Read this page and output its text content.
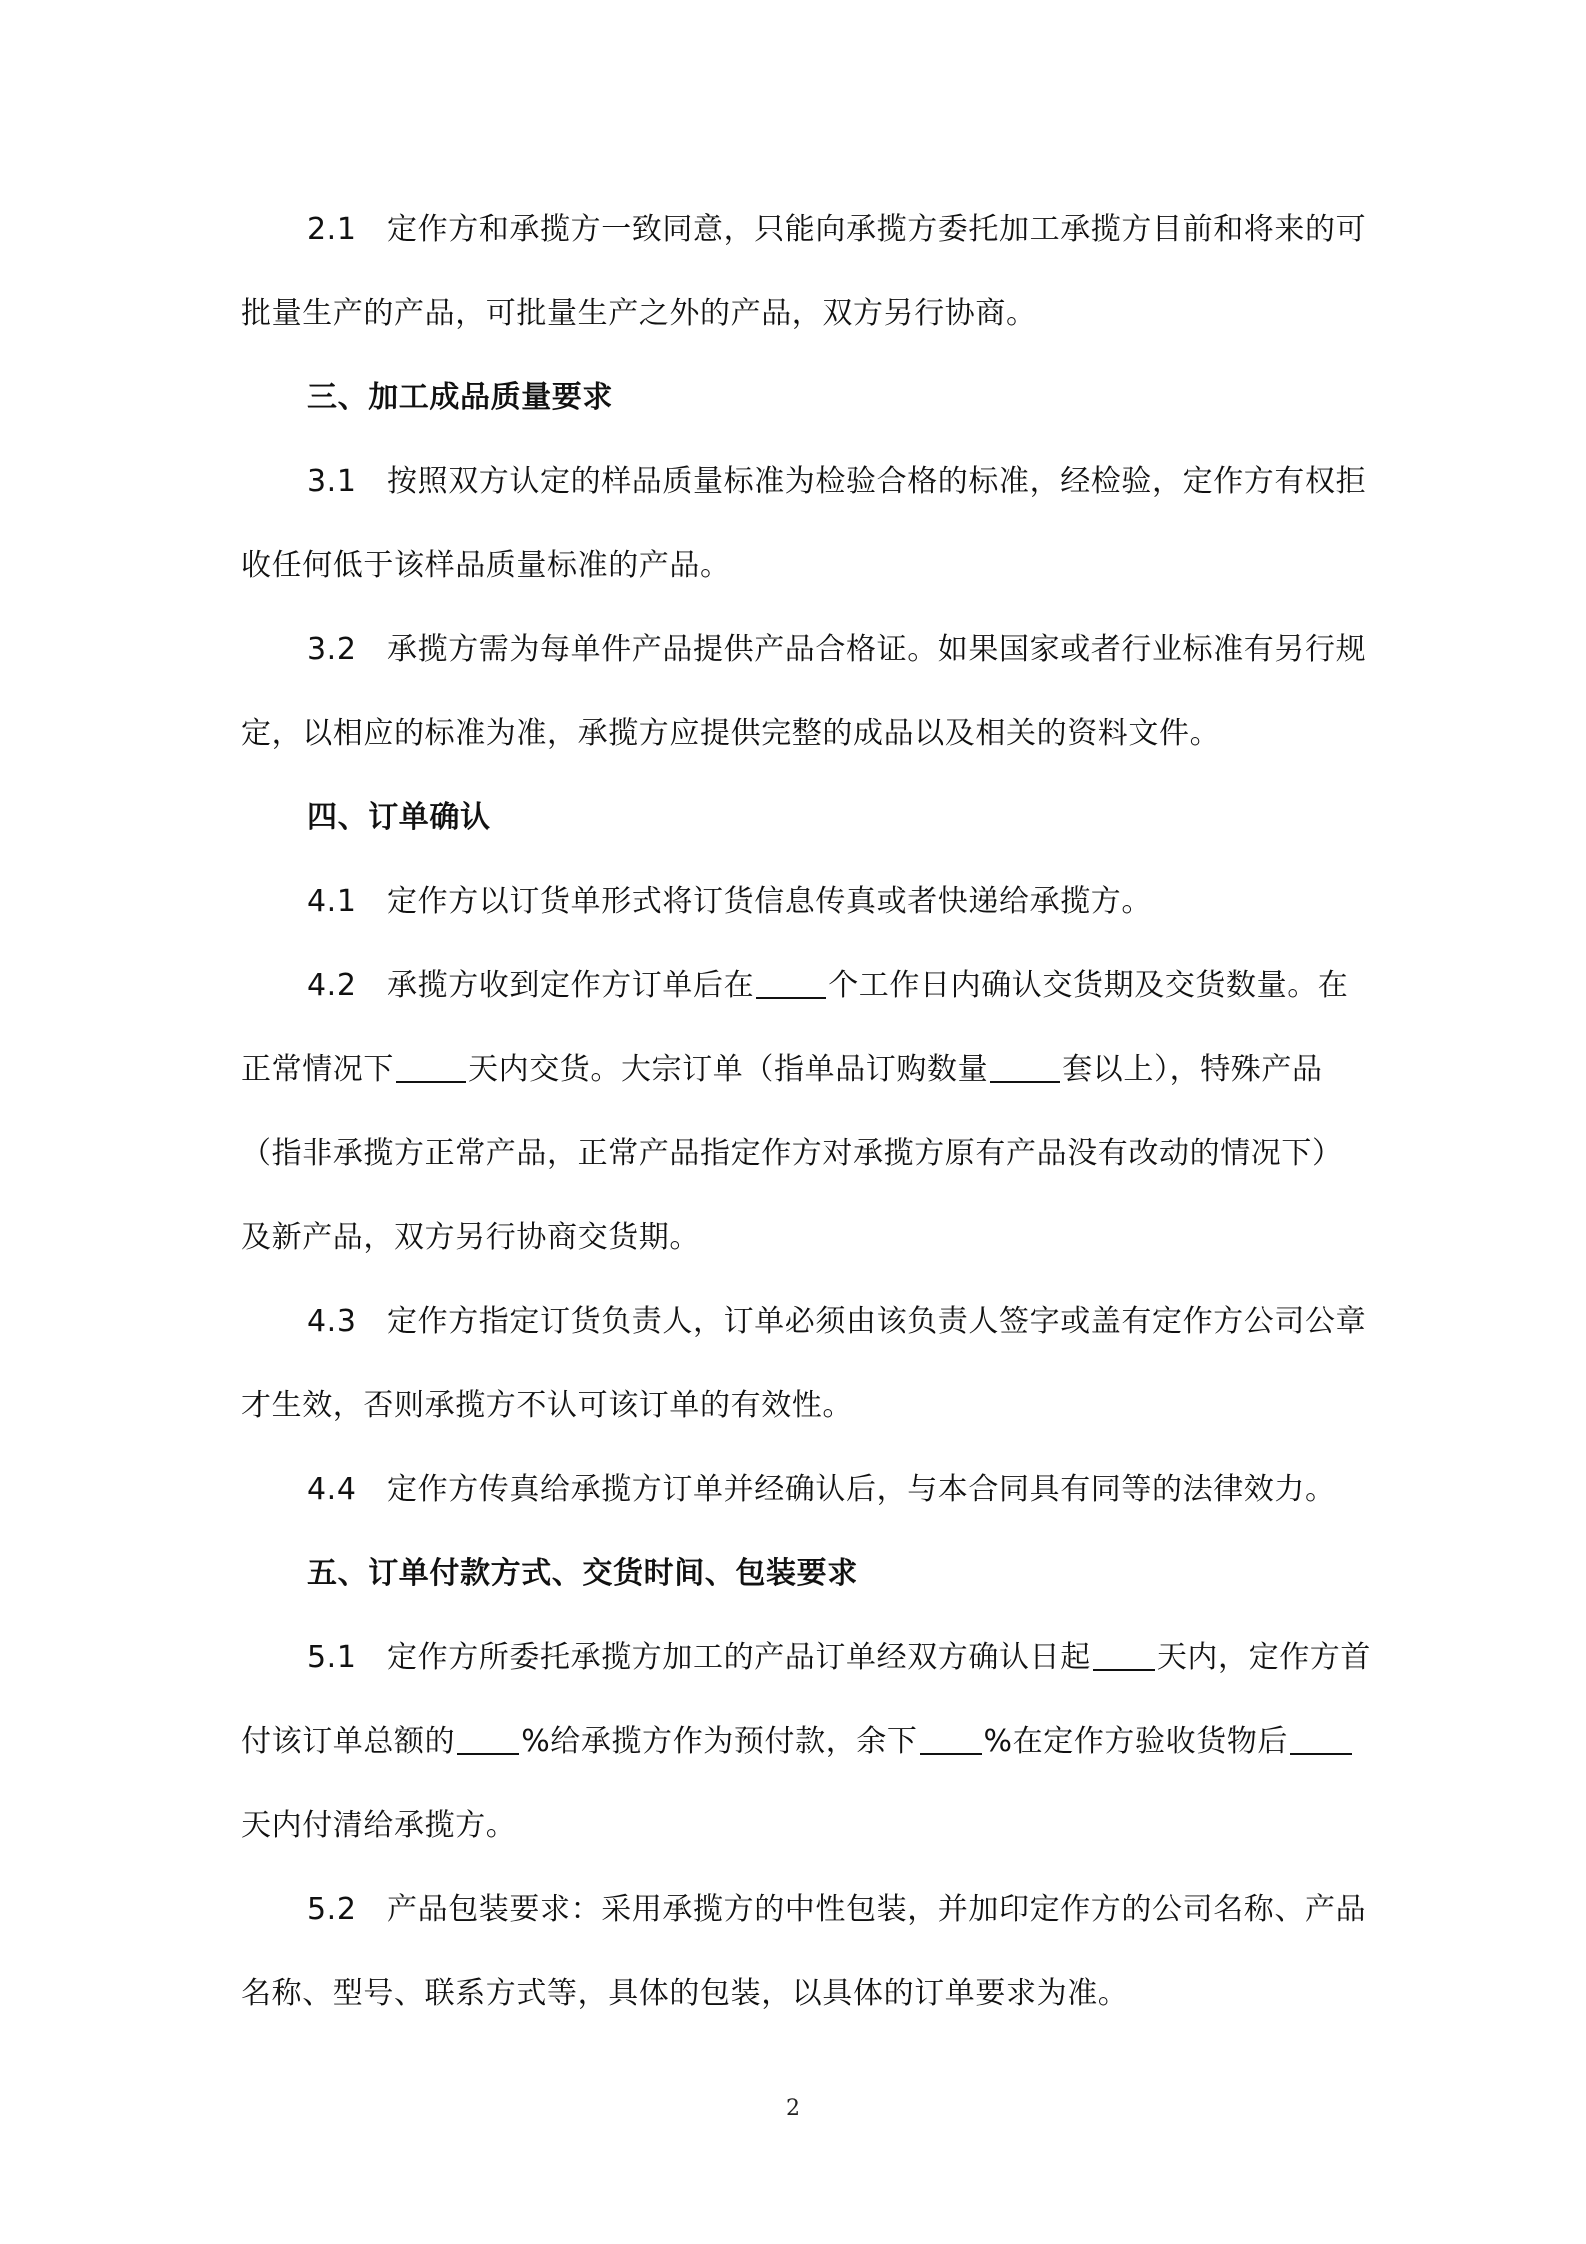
2.1 定作方和承揽方一致同意，只能向承揽方委托加工承揽方目前和将来的可批量生产的产品，可批量生产之外的产品，双方另行协商。

三、加工成品质量要求

3.1 按照双方认定的样品质量标准为检验合格的标准，经检验，定作方有权拒收任何低于该样品质量标准的产品。

3.2 承揽方需为每单件产品提供产品合格证。如果国家或者行业标准有另行规定，以相应的标准为准，承揽方应提供完整的成品以及相关的资料文件。

四、订单确认

4.1 定作方以订货单形式将订货信息传真或者快递给承揽方。

4.2 承揽方收到定作方订单后在 个工作日内确认交货期及交货数量。在正常情况下 天内交货。大宗订单（指单品订购数量 套以上），特殊产品（指非承揽方正常产品，正常产品指定作方对承揽方原有产品没有改动的情况下）及新产品，双方另行协商交货期。

4.3 定作方指定订货负责人，订单必须由该负责人签字或盖有定作方公司公章才生效，否则承揽方不认可该订单的有效性。

4.4 定作方传真给承揽方订单并经确认后，与本合同具有同等的法律效力。

五、订单付款方式、交货时间、包装要求

5.1 定作方所委托承揽方加工的产品订单经双方确认日起 天内，定作方首付该订单总额的 %给承揽方作为预付款，余下 %在定作方验收货物后天内付清给承揽方。

5.2 产品包装要求：采用承揽方的中性包装，并加印定作方的公司名称、产品名称、型号、联系方式等，具体的包装，以具体的订单要求为准。

2
